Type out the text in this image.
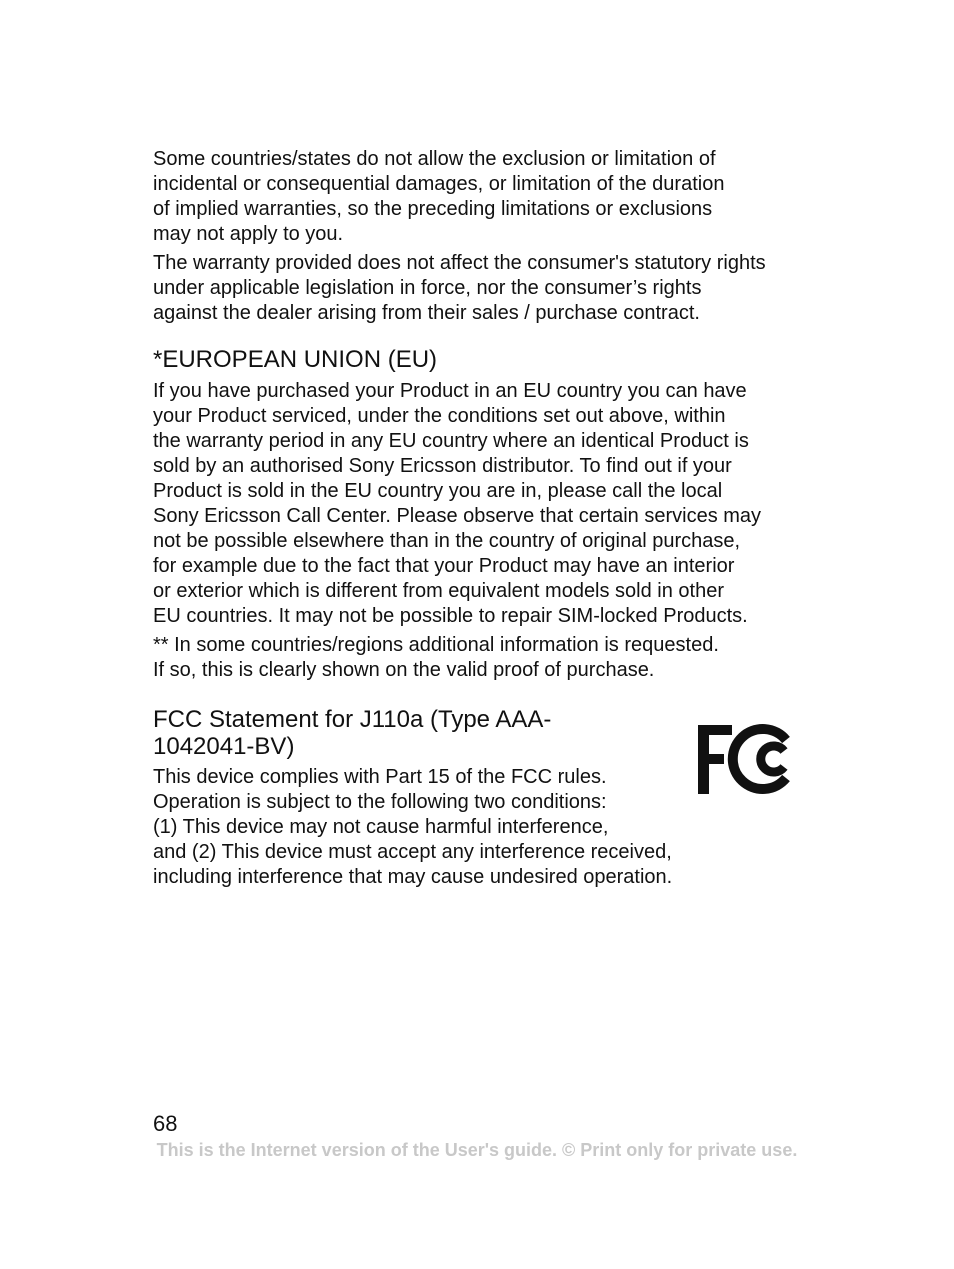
Some countries/states do not allow the exclusion or limitation of
incidental or consequential damages, or limitation of the duration
of implied warranties, so the preceding limitations or exclusions
may not apply to you.
The warranty provided does not affect the consumer's statutory rights
under applicable legislation in force, nor the consumer’s rights
against the dealer arising from their sales / purchase contract.
*EUROPEAN UNION (EU)
If you have purchased your Product in an EU country you can have
your Product serviced, under the conditions set out above, within
the warranty period in any EU country where an identical Product is
sold by an authorised Sony Ericsson distributor. To find out if your
Product is sold in the EU country you are in, please call the local
Sony Ericsson Call Center. Please observe that certain services may
not be possible elsewhere than in the country of original purchase,
for example due to the fact that your Product may have an interior
or exterior which is different from equivalent models sold in other
EU countries. It may not be possible to repair SIM-locked Products.
** In some countries/regions additional information is requested.
If so, this is clearly shown on the valid proof of purchase.
FCC Statement for J110a (Type AAA-
1042041-BV)
This device complies with Part 15 of the FCC rules.
Operation is subject to the following two conditions:
(1) This device may not cause harmful interference,
and (2) This device must accept any interference received,
including interference that may cause undesired operation.
68
This is the Internet version of the User's guide. © Print only for private use.
